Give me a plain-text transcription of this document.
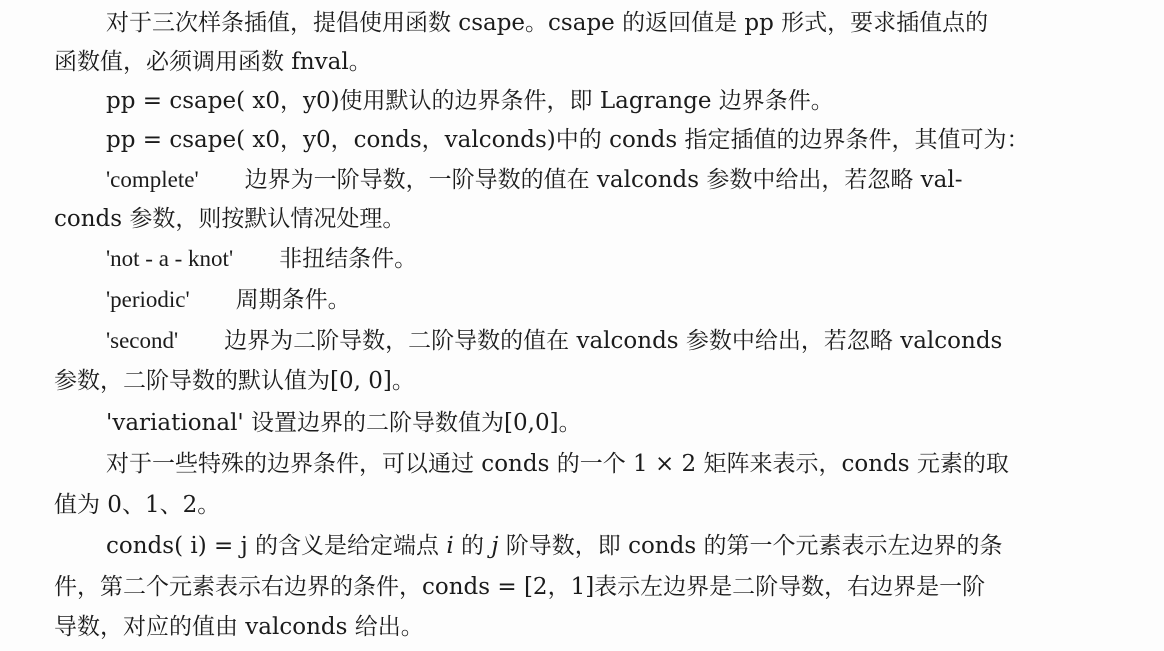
对于三次样条插值，提倡使用函数 csape。csape 的返回值是 pp 形式，要求插值点的
函数值，必须调用函数 fnval。
pp = csape( x0，y0)使用默认的边界条件，即 Lagrange 边界条件。
pp = csape( x0，y0，conds，valconds)中的 conds 指定插值的边界条件，其值可为：
'complete' 边界为一阶导数，一阶导数的值在 valconds 参数中给出，若忽略 val-
conds 参数，则按默认情况处理。
'not - a - knot' 非扭结条件。
'periodic' 周期条件。
'second' 边界为二阶导数，二阶导数的值在 valconds 参数中给出，若忽略 valconds
参数，二阶导数的默认值为[0, 0]。
'variational' 设置边界的二阶导数值为[0,0]。
对于一些特殊的边界条件，可以通过 conds 的一个 1 × 2 矩阵来表示，conds 元素的取
值为 0、1、2。
conds( i) = j 的含义是给定端点 i 的 j 阶导数，即 conds 的第一个元素表示左边界的条
件，第二个元素表示右边界的条件，conds = [2，1]表示左边界是二阶导数，右边界是一阶
导数，对应的值由 valconds 给出。
